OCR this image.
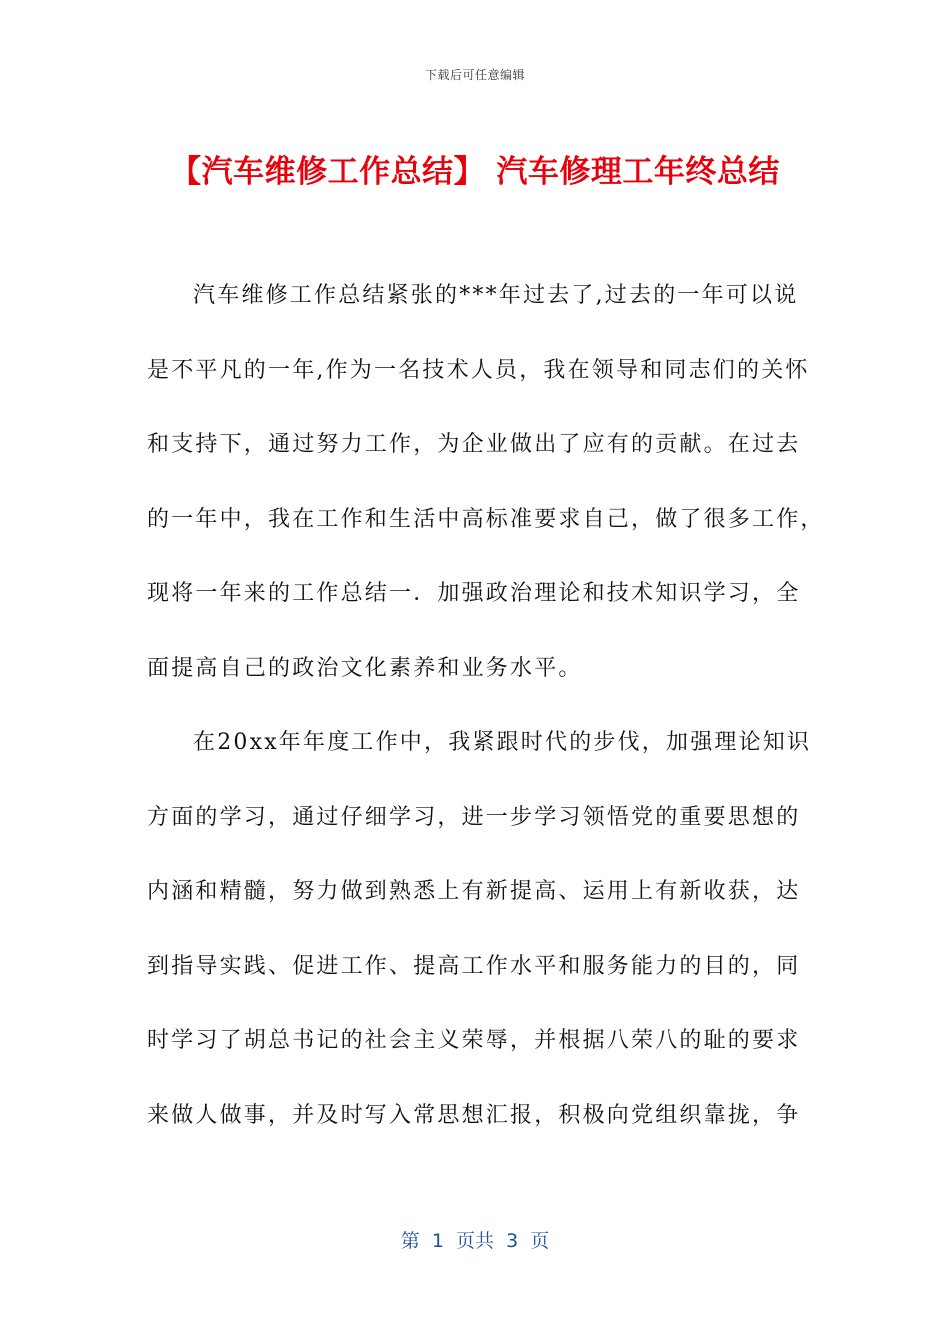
下载后可任意编辑
【汽车维修工作总结】 汽车修理工年终总结
汽车维修工作总结紧张的***年过去了,过去的一年可以说
是不平凡的一年,作为一名技术人员，我在领导和同志们的关怀
和支持下，通过努力工作，为企业做出了应有的贡献。在过去
的一年中，我在工作和生活中高标准要求自己，做了很多工作，
现将一年来的工作总结一．加强政治理论和技术知识学习，全
面提高自己的政治文化素养和业务水平。
在20xx年年度工作中，我紧跟时代的步伐，加强理论知识
方面的学习，通过仔细学习，进一步学习领悟党的重要思想的
内涵和精髓，努力做到熟悉上有新提高、运用上有新收获，达
到指导实践、促进工作、提高工作水平和服务能力的目的，同
时学习了胡总书记的社会主义荣辱，并根据八荣八的耻的要求
来做人做事，并及时写入常思想汇报，积极向党组织靠拢，争
第  1  页共  3  页
